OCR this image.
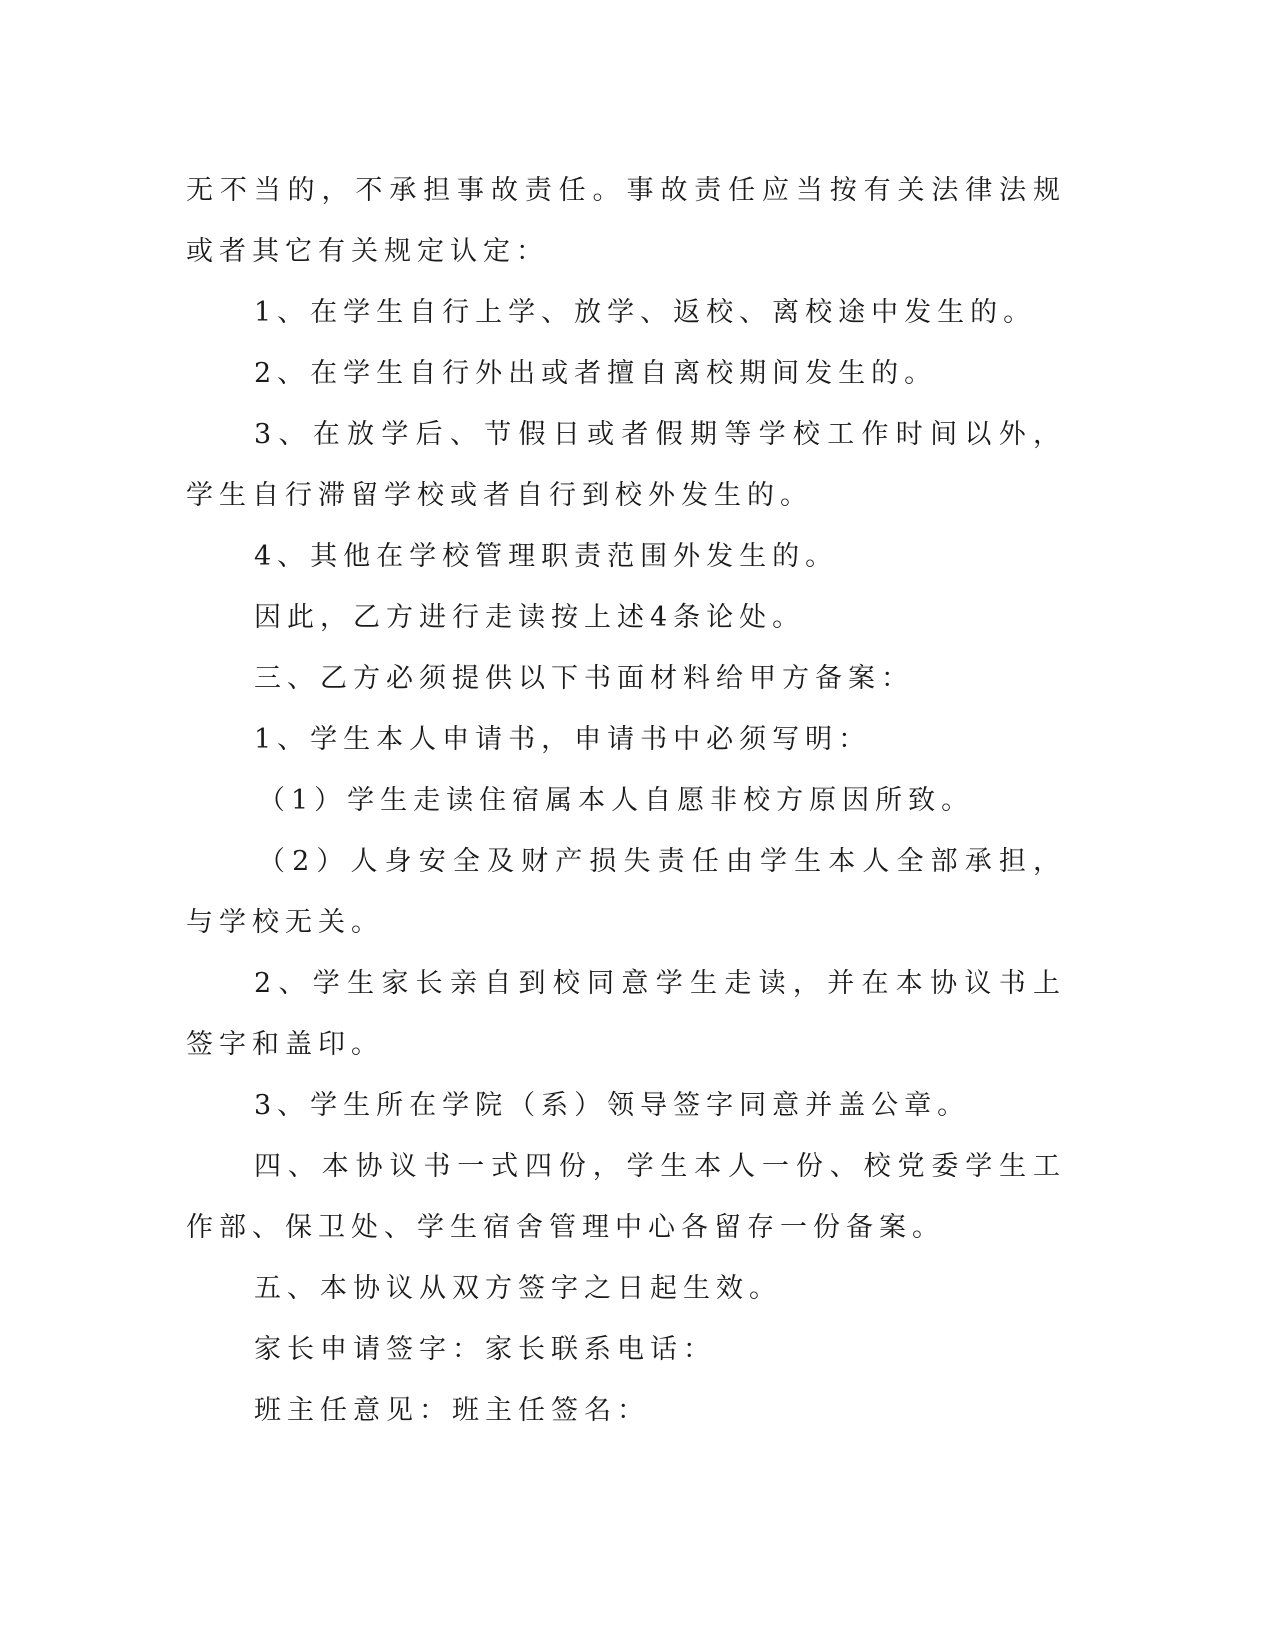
无不当的，不承担事故责任。事故责任应当按有关法律法规或者其它有关规定认定：

1、在学生自行上学、放学、返校、离校途中发生的。

2、在学生自行外出或者擅自离校期间发生的。

3、在放学后、节假日或者假期等学校工作时间以外，学生自行滞留学校或者自行到校外发生的。

4、其他在学校管理职责范围外发生的。

因此，乙方进行走读按上述4条论处。

三、乙方必须提供以下书面材料给甲方备案：

1、学生本人申请书，申请书中必须写明：

（1）学生走读住宿属本人自愿非校方原因所致。

（2）人身安全及财产损失责任由学生本人全部承担，与学校无关。

2、学生家长亲自到校同意学生走读，并在本协议书上签字和盖印。

3、学生所在学院（系）领导签字同意并盖公章。

四、本协议书一式四份，学生本人一份、校党委学生工作部、保卫处、学生宿舍管理中心各留存一份备案。

五、本协议从双方签字之日起生效。

家长申请签字：家长联系电话：

班主任意见：班主任签名：
